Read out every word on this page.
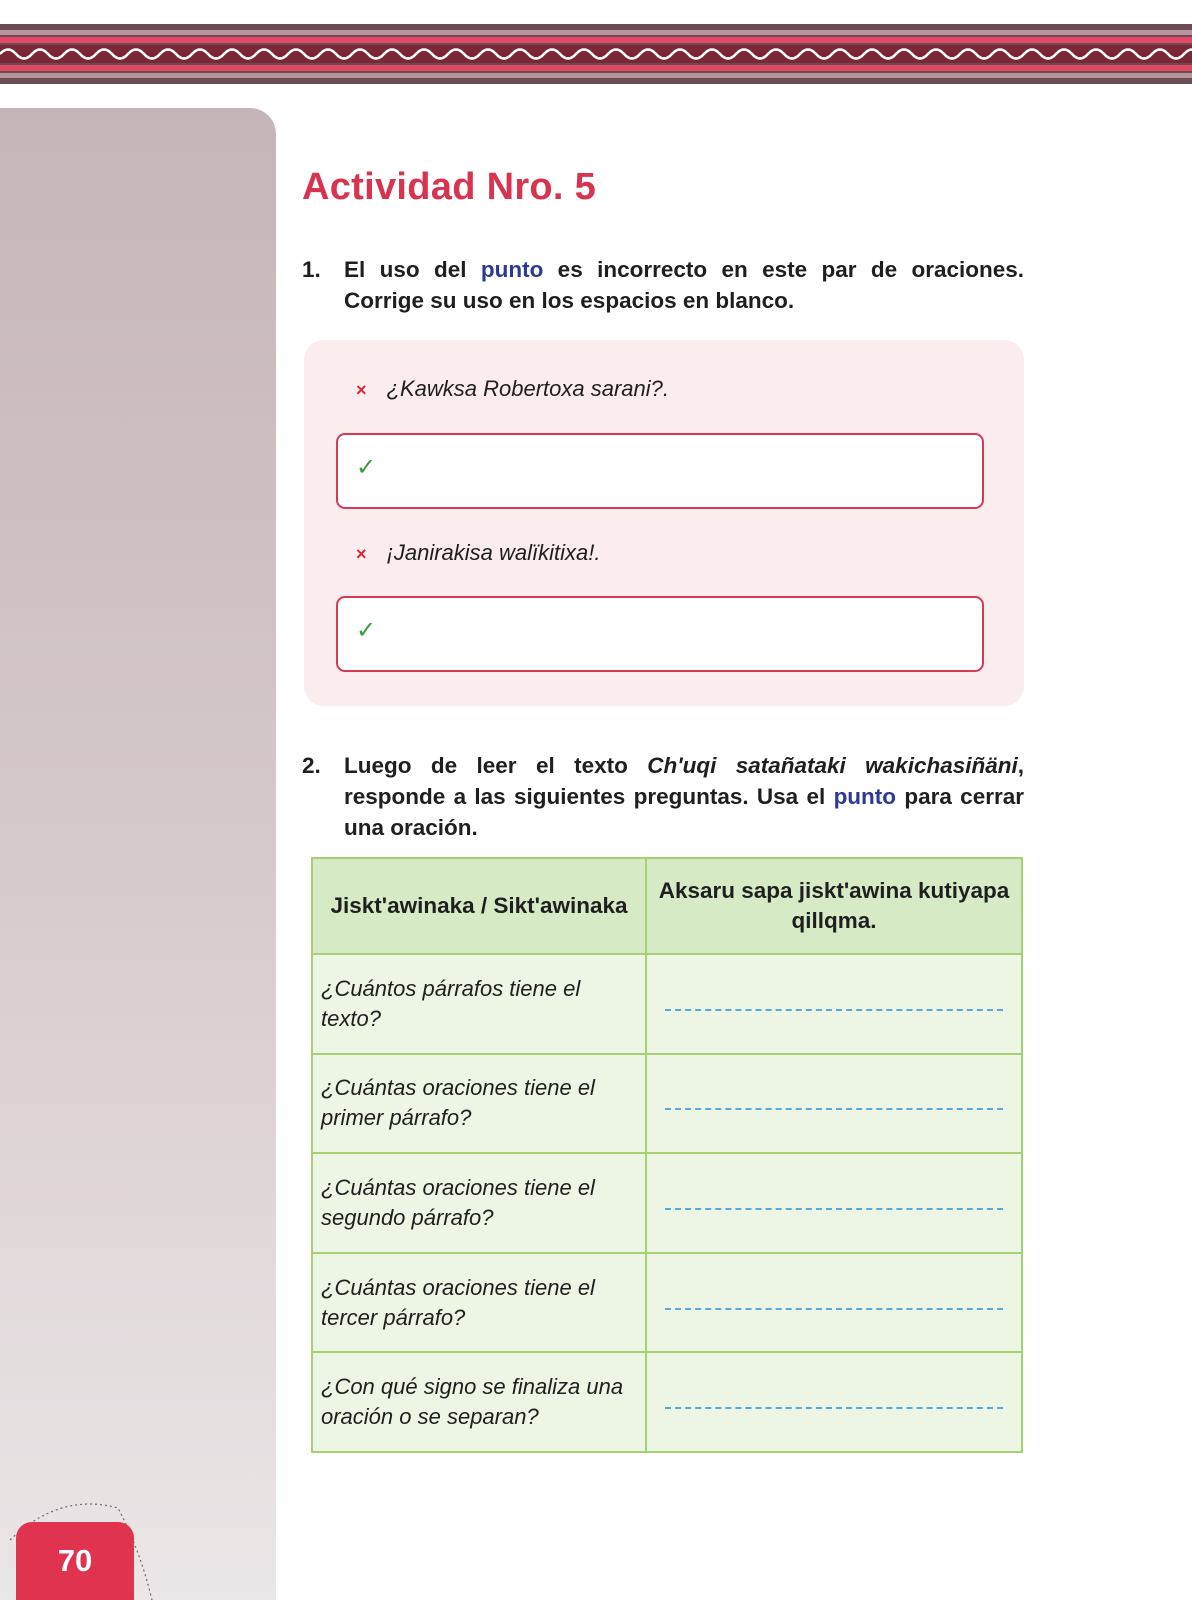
70
Actividad Nro. 5

1.	El uso del punto es incorrecto en este par de oraciones. Corrige su uso en los espacios en blanco.

× ¿Kawksa Robertoxa sarani?.
✓
× ¡Janirakisa walïkitixa!.
✓

2.	Luego de leer el texto Ch'uqi satañataki wakichasiñäni, responde a las siguientes preguntas. Usa el punto para cerrar una oración.

Jiskt'awinaka / Sikt'awinaka	Aksaru sapa jiskt'awina kutiyapa qillqma.
¿Cuántos párrafos tiene el texto?	

¿Cuántas oraciones tiene el primer párrafo?	

¿Cuántas oraciones tiene el segundo párrafo?	

¿Cuántas oraciones tiene el tercer párrafo?	

¿Con qué signo se finaliza una oración o se separan?	
